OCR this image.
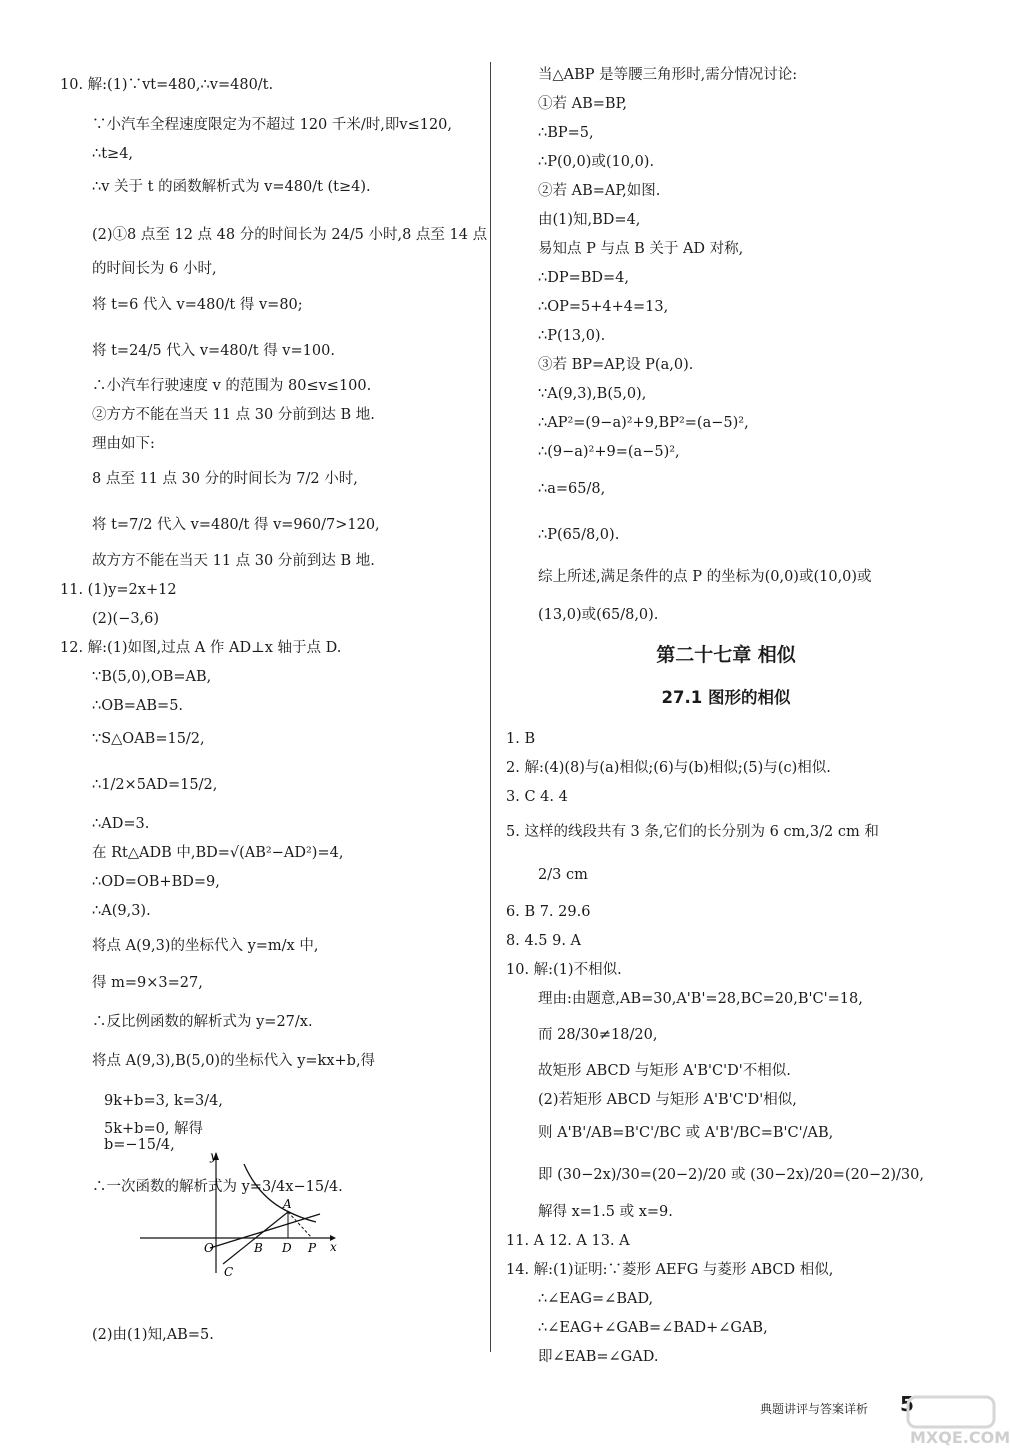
10. 解:(1)∵vt=480,∴v=480/t.
∵小汽车全程速度限定为不超过 120 千米/时,即v≤120,
∴t≥4,
∴v 关于 t 的函数解析式为 v=480/t (t≥4).
(2)①8 点至 12 点 48 分的时间长为 24/5 小时,8 点至 14 点
的时间长为 6 小时,
将 t=6 代入 v=480/t 得 v=80;
将 t=24/5 代入 v=480/t 得 v=100.
∴小汽车行驶速度 v 的范围为 80≤v≤100.
②方方不能在当天 11 点 30 分前到达 B 地.
理由如下:
8 点至 11 点 30 分的时间长为 7/2 小时,
将 t=7/2 代入 v=480/t 得 v=960/7>120,
故方方不能在当天 11 点 30 分前到达 B 地.
11. (1)y=2x+12
(2)(−3,6)
12. 解:(1)如图,过点 A 作 AD⊥x 轴于点 D.
∵B(5,0),OB=AB,
∴OB=AB=5.
∵S△OAB=15/2,
∴1/2×5AD=15/2,
∴AD=3.
在 Rt△ADB 中,BD=√(AB²−AD²)=4,
∴OD=OB+BD=9,
∴A(9,3).
将点 A(9,3)的坐标代入 y=m/x 中,
得 m=9×3=27,
∴反比例函数的解析式为 y=27/x.
将点 A(9,3),B(5,0)的坐标代入 y=kx+b,得
9k+b=3, k=3/4,
5k+b=0, 解得
b=−15/4,
∴一次函数的解析式为 y=3/4x−15/4.
(2)由(1)知,AB=5.
第二十七章 相似
27.1 图形的相似
当△ABP 是等腰三角形时,需分情况讨论:
①若 AB=BP,
∴BP=5,
∴P(0,0)或(10,0).
②若 AB=AP,如图.
由(1)知,BD=4,
易知点 P 与点 B 关于 AD 对称,
∴DP=BD=4,
∴OP=5+4+4=13,
∴P(13,0).
③若 BP=AP,设 P(a,0).
∵A(9,3),B(5,0),
∴AP²=(9−a)²+9,BP²=(a−5)²,
∴(9−a)²+9=(a−5)²,
∴a=65/8,
∴P(65/8,0).
综上所述,满足条件的点 P 的坐标为(0,0)或(10,0)或
(13,0)或(65/8,0).
1. B
2. 解:(4)(8)与(a)相似;(6)与(b)相似;(5)与(c)相似.
3. C 4. 4
5. 这样的线段共有 3 条,它们的长分别为 6 cm,3/2 cm 和
2/3 cm
6. B 7. 29.6
8. 4.5 9. A
10. 解:(1)不相似.
理由:由题意,AB=30,A'B'=28,BC=20,B'C'=18,
而 28/30≠18/20,
故矩形 ABCD 与矩形 A'B'C'D'不相似.
(2)若矩形 ABCD 与矩形 A'B'C'D'相似,
则 A'B'/AB=B'C'/BC 或 A'B'/BC=B'C'/AB,
即 (30−2x)/30=(20−2)/20 或 (30−2x)/20=(20−2)/30,
解得 x=1.5 或 x=9.
11. A 12. A 13. A
14. 解:(1)证明:∵菱形 AEFG 与菱形 ABCD 相似,
∴∠EAG=∠BAD,
∴∠EAG+∠GAB=∠BAD+∠GAB,
即∠EAB=∠GAD.
y
x
O	B D P
A
C
典题讲评与答案详析 5
MXQE.COM
